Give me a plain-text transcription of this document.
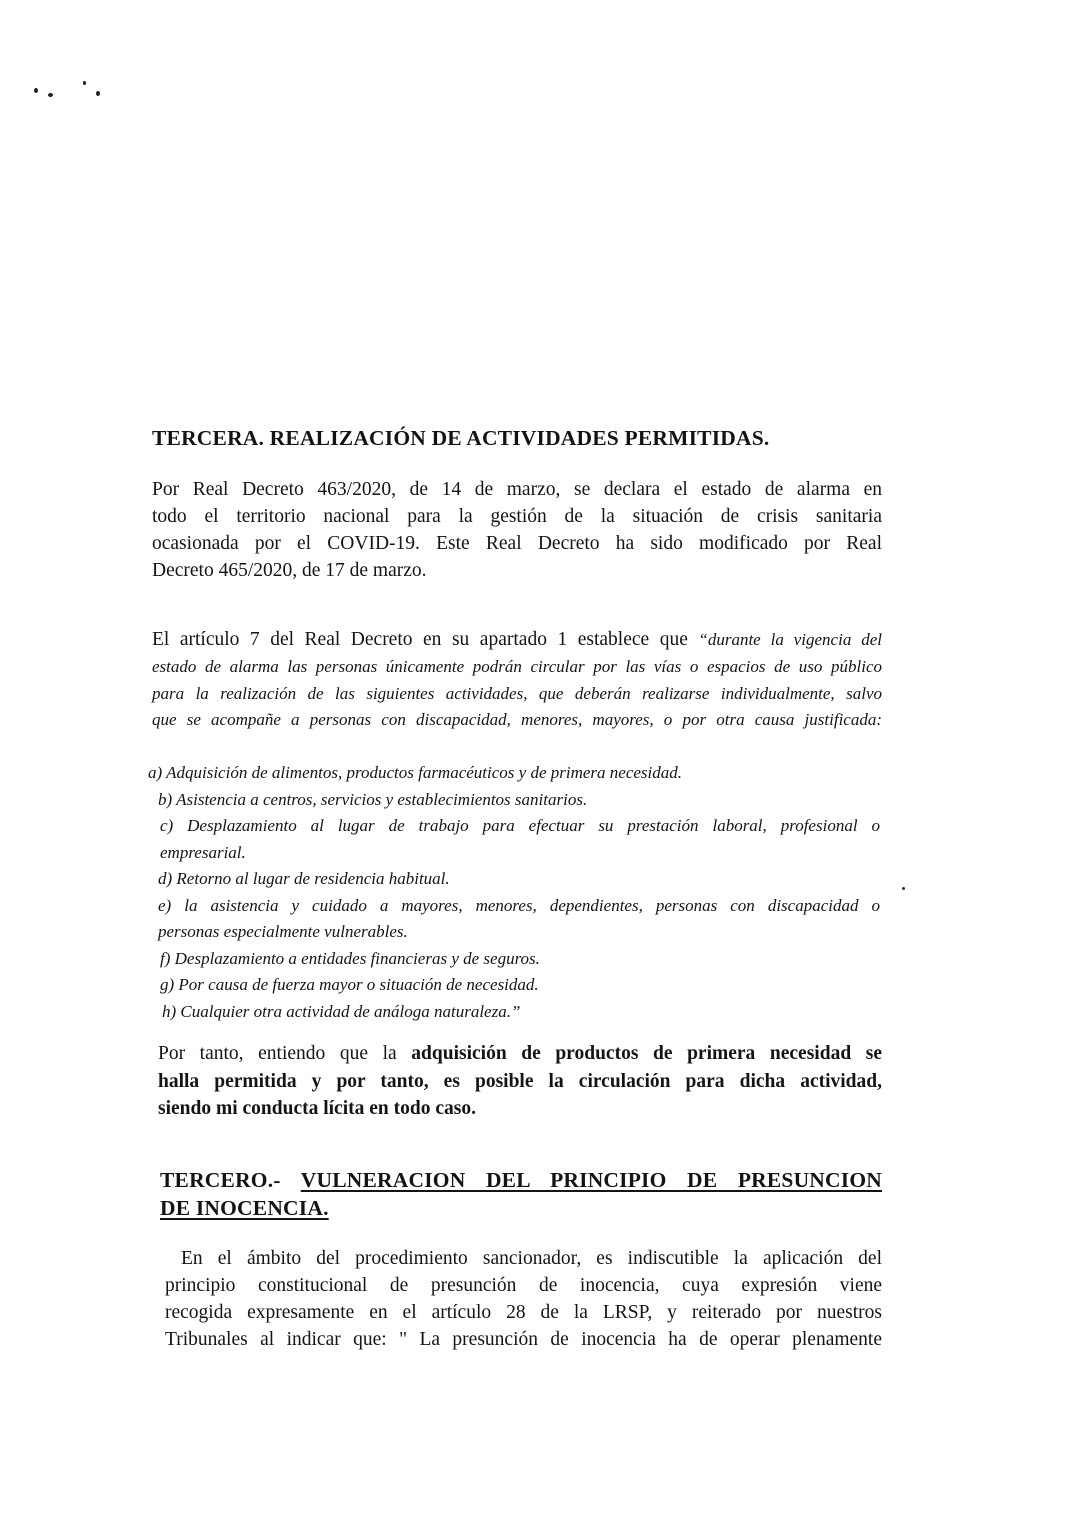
TERCERA. REALIZACIÓN DE ACTIVIDADES PERMITIDAS.
Por Real Decreto 463/2020, de 14 de marzo, se declara el estado de alarma en
todo el territorio nacional para la gestión de la situación de crisis sanitaria
ocasionada por el COVID-19. Este Real Decreto ha sido modificado por Real
Decreto 465/2020, de 17 de marzo.
El artículo 7 del Real Decreto en su apartado 1 establece que “durante la vigencia del
estado de alarma las personas únicamente podrán circular por las vías o espacios de uso público
para la realización de las siguientes actividades, que deberán realizarse individualmente, salvo
que se acompañe a personas con discapacidad, menores, mayores, o por otra causa justificada:
a) Adquisición de alimentos, productos farmacéuticos y de primera necesidad.
b) Asistencia a centros, servicios y establecimientos sanitarios.
c) Desplazamiento al lugar de trabajo para efectuar su prestación laboral, profesional o
empresarial.
d) Retorno al lugar de residencia habitual.
e) la asistencia y cuidado a mayores, menores, dependientes, personas con discapacidad o
personas especialmente vulnerables.
f) Desplazamiento a entidades financieras y de seguros.
g) Por causa de fuerza mayor o situación de necesidad.
h) Cualquier otra actividad de análoga naturaleza.”
Por tanto, entiendo que la adquisición de productos de primera necesidad se
halla permitida y por tanto, es posible la circulación para dicha actividad,
siendo mi conducta lícita en todo caso.
TERCERO.- VULNERACION DEL PRINCIPIO DE PRESUNCION
DE INOCENCIA.
En el ámbito del procedimiento sancionador, es indiscutible la aplicación del
principio constitucional de presunción de inocencia, cuya expresión viene
recogida expresamente en el artículo 28 de la LRSP, y reiterado por nuestros
Tribunales al indicar que: " La presunción de inocencia ha de operar plenamente
